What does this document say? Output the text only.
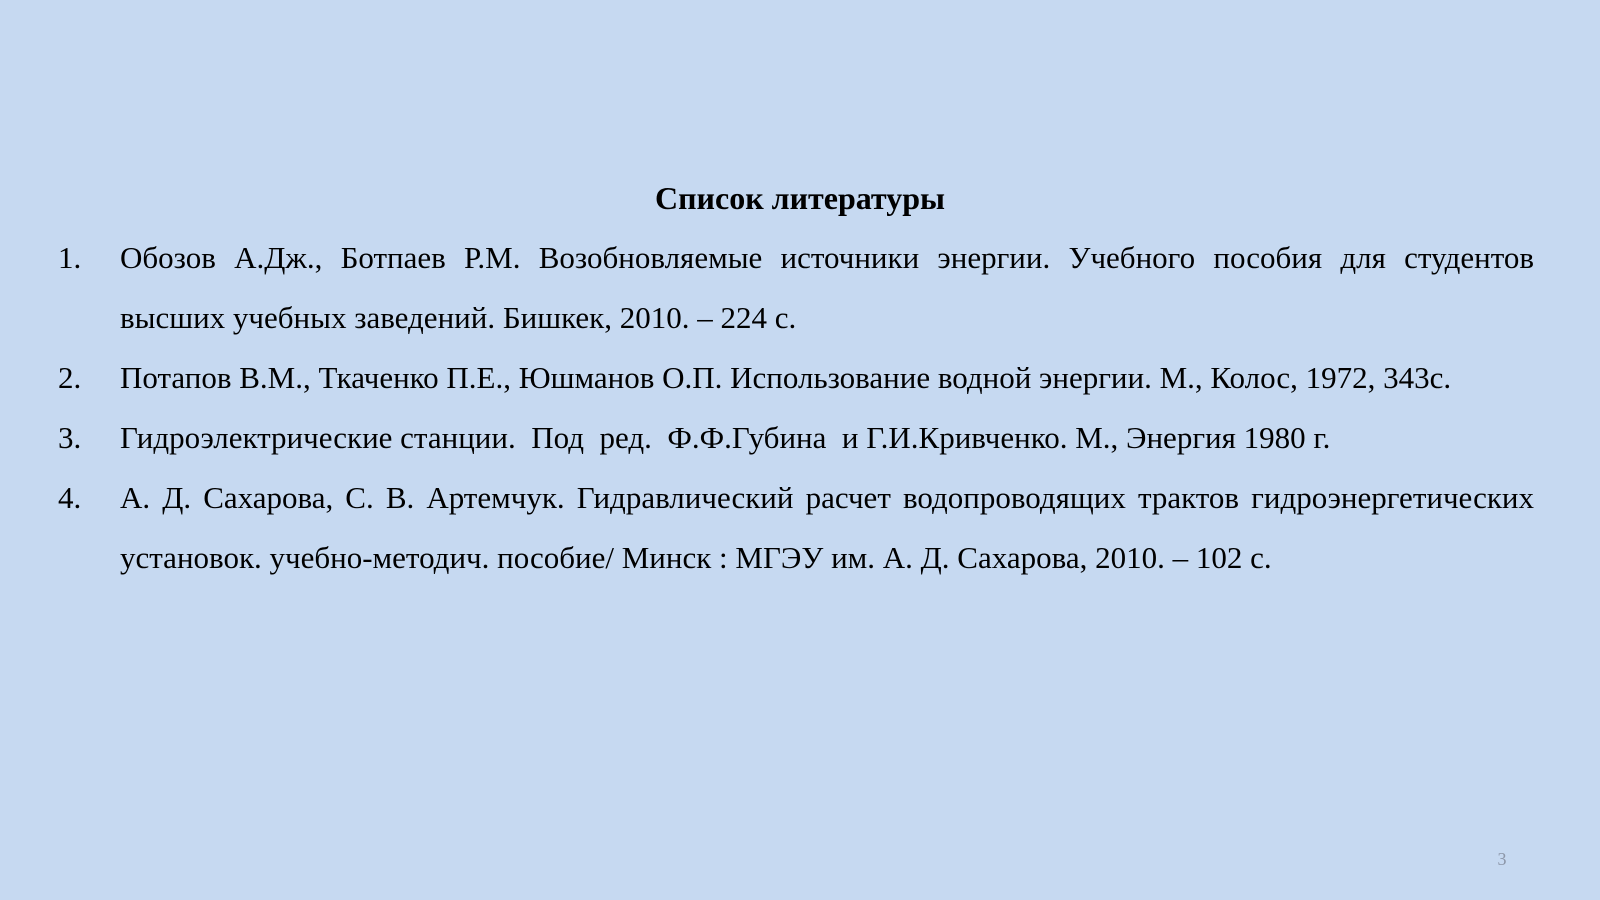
Список литературы
1. Обозов А.Дж., Ботпаев Р.М. Возобновляемые источники энергии. Учебного пособия для студентов высших учебных заведений. Бишкек, 2010. – 224 с.
2. Потапов В.М., Ткаченко П.Е., Юшманов О.П. Использование водной энергии. М., Колос, 1972, 343с.
3. Гидроэлектрические станции.  Под  ред.  Ф.Ф.Губина  и Г.И.Кривченко. М., Энергия 1980 г.
4. А. Д. Сахарова, С. В. Артемчук. Гидравлический расчет водопроводящих трактов гидроэнергетических установок. учебно-методич. пособие/ Минск : МГЭУ им. А. Д. Сахарова, 2010. – 102 с.
3
